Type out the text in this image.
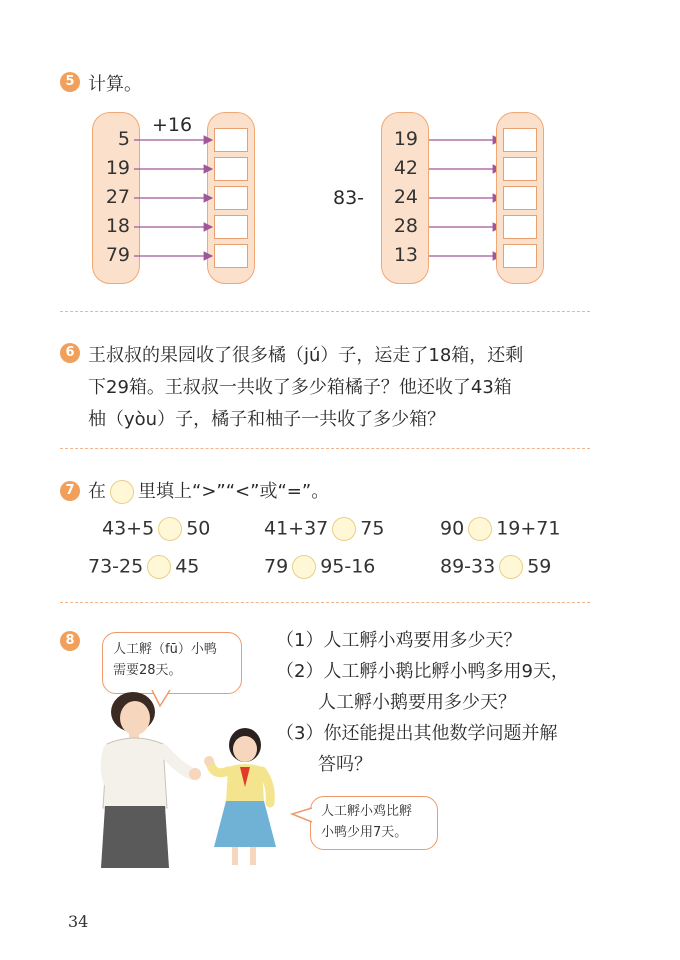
5 计算。
+16
5
19
27
18
79
83-
19
42
24
28
13
6 王叔叔的果园收了很多橘（jú）子，运走了18箱，还剩
下29箱。王叔叔一共收了多少箱橘子？他还收了43箱
柚（yòu）子，橘子和柚子一共收了多少箱？
7 在 里填上“>”“<”或“=”。
43+5 50	41+37 75	90 19+71
73-25 45	79 95-16	89-33 59
8
人工孵（fū）小鸭
需要28天。
人工孵小鸡比孵
小鸭少用7天。
（1）人工孵小鸡要用多少天？
（2）人工孵小鹅比孵小鸭多用9天，
人工孵小鹅要用多少天？
（3）你还能提出其他数学问题并解
答吗？
34
